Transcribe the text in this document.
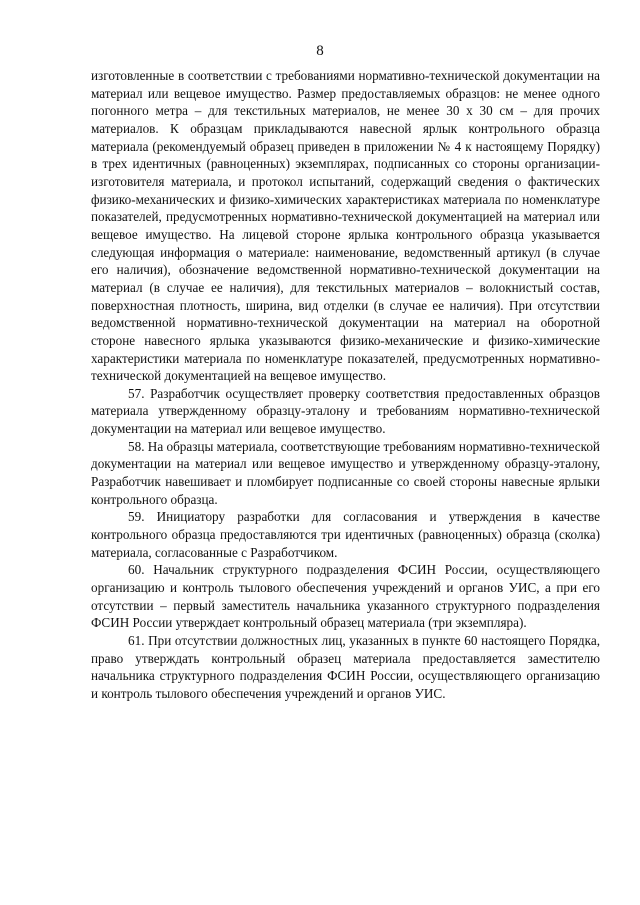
8

изготовленные в соответствии с требованиями нормативно-технической документации на материал или вещевое имущество. Размер предоставляемых образцов: не менее одного погонного метра – для текстильных материалов, не менее 30 х 30 см – для прочих материалов. К образцам прикладываются навесной ярлык контрольного образца материала (рекомендуемый образец приведен в приложении № 4 к настоящему Порядку) в трех идентичных (равноценных) экземплярах, подписанных со стороны организации-изготовителя материала, и протокол испытаний, содержащий сведения о фактических физико-механических и физико-химических характеристиках материала по номенклатуре показателей, предусмотренных нормативно-технической документацией на материал или вещевое имущество. На лицевой стороне ярлыка контрольного образца указывается следующая информация о материале: наименование, ведомственный артикул (в случае его наличия), обозначение ведомственной нормативно-технической документации на материал (в случае ее наличия), для текстильных материалов – волокнистый состав, поверхностная плотность, ширина, вид отделки (в случае ее наличия). При отсутствии ведомственной нормативно-технической документации на материал на оборотной стороне навесного ярлыка указываются физико-механические и физико-химические характеристики материала по номенклатуре показателей, предусмотренных нормативно-технической документацией на вещевое имущество.

57. Разработчик осуществляет проверку соответствия предоставленных образцов материала утвержденному образцу-эталону и требованиям нормативно-технической документации на материал или вещевое имущество.

58. На образцы материала, соответствующие требованиям нормативно-технической документации на материал или вещевое имущество и утвержденному образцу-эталону, Разработчик навешивает и пломбирует подписанные со своей стороны навесные ярлыки контрольного образца.

59. Инициатору разработки для согласования и утверждения в качестве контрольного образца предоставляются три идентичных (равноценных) образца (сколка) материала, согласованные с Разработчиком.

60. Начальник структурного подразделения ФСИН России, осуществляющего организацию и контроль тылового обеспечения учреждений и органов УИС, а при его отсутствии – первый заместитель начальника указанного структурного подразделения ФСИН России утверждает контрольный образец материала (три экземпляра).

61. При отсутствии должностных лиц, указанных в пункте 60 настоящего Порядка, право утверждать контрольный образец материала предоставляется заместителю начальника структурного подразделения ФСИН России, осуществляющего организацию и контроль тылового обеспечения учреждений и органов УИС.
